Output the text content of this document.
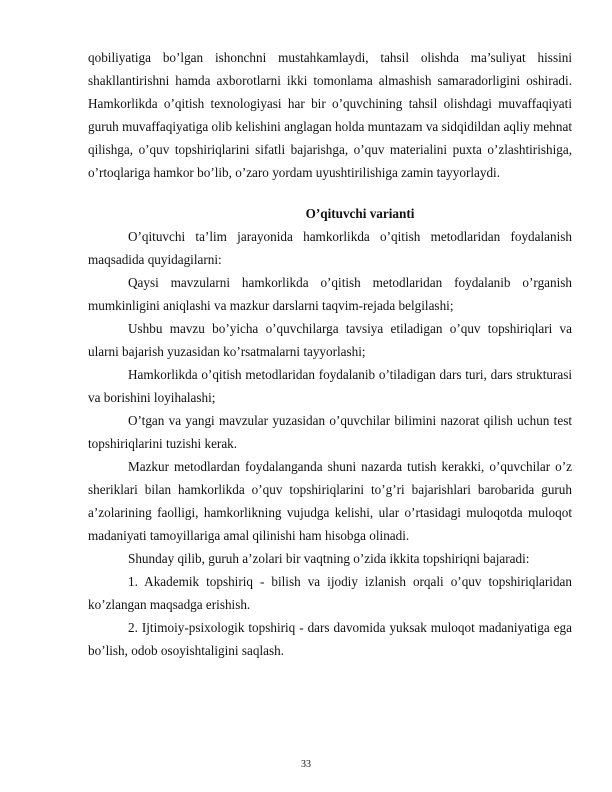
qobiliyatiga bo’lgan ishonchni mustahkamlaydi, tahsil olishda ma’suliyat hissini shakllantirishni hamda axborotlarni ikki tomonlama almashish samaradorligini oshiradi. Hamkorlikda o’qitish texnologiyasi har bir o’quvchining tahsil olishdagi muvaffaqiyati guruh muvaffaqiyatiga olib kelishini anglagan holda muntazam va sidqidildan aqliy mehnat qilishga, o’quv topshiriqlarini sifatli bajarishga, o’quv materialini puxta o’zlashtirishiga, o’rtoqlariga hamkor bo’lib, o’zaro yordam uyushtirilishiga zamin tayyorlaydi.

O’qituvchi varianti

O’qituvchi ta’lim jarayonida hamkorlikda o’qitish metodlaridan foydalanish maqsadida quyidagilarni:

Qaysi mavzularni hamkorlikda o’qitish metodlaridan foydalanib o’rganish mumkinligini aniqlashi va mazkur darslarni taqvim-rejada belgilashi;

Ushbu mavzu bo’yicha o’quvchilarga tavsiya etiladigan o’quv topshiriqlari va ularni bajarish yuzasidan ko’rsatmalarni tayyorlashi;

Hamkorlikda o’qitish metodlaridan foydalanib o’tiladigan dars turi, dars strukturasi va borishini loyihalashi;

O’tgan va yangi mavzular yuzasidan o’quvchilar bilimini nazorat qilish uchun test topshiriqlarini tuzishi kerak.

Mazkur metodlardan foydalanganda shuni nazarda tutish kerakki, o’quvchilar o’z sheriklari bilan hamkorlikda o’quv topshiriqlarini to’g’ri bajarishlari barobarida guruh a’zolarining faolligi, hamkorlikning vujudga kelishi, ular o’rtasidagi muloqotda muloqot madaniyati tamoyillariga amal qilinishi ham hisobga olinadi.

Shunday qilib, guruh a’zolari bir vaqtning o’zida ikkita topshiriqni bajaradi:

1. Akademik topshiriq - bilish va ijodiy izlanish orqali o’quv topshiriqlaridan ko’zlangan maqsadga erishish.

2. Ijtimoiy-psixologik topshiriq - dars davomida yuksak muloqot madaniyatiga ega bo’lish, odob osoyishtaligini saqlash.

33
